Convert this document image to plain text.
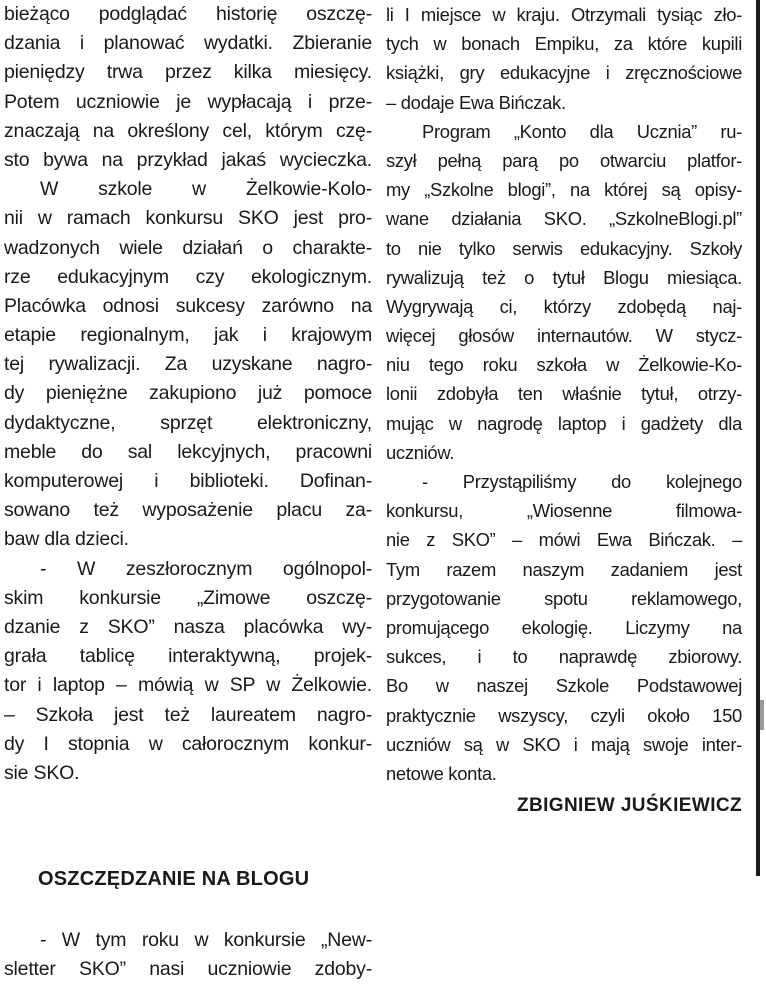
bieżąco podglądać historię oszczę-
dzania i planować wydatki. Zbieranie
pieniędzy trwa przez kilka miesięcy.
Potem uczniowie je wypłacają i prze-
znaczają na określony cel, którym czę-
sto bywa na przykład jakaś wycieczka.
W szkole w Żelkowie-Kolo-
nii w ramach konkursu SKO jest pro-
wadzonych wiele działań o charakte-
rze edukacyjnym czy ekologicznym.
Placówka odnosi sukcesy zarówno na
etapie regionalnym, jak i krajowym
tej rywalizacji. Za uzyskane nagro-
dy pieniężne zakupiono już pomoce
dydaktyczne, sprzęt elektroniczny,
meble do sal lekcyjnych, pracowni
komputerowej i biblioteki. Dofinan-
sowano też wyposażenie placu za-
baw dla dzieci.
- W zeszłorocznym ogólnopol-
skim konkursie „Zimowe oszczę-
dzanie z SKO” nasza placówka wy-
grała tablicę interaktywną, projek-
tor i laptop – mówią w SP w Żelkowie.
– Szkoła jest też laureatem nagro-
dy I stopnia w całorocznym konkur-
sie SKO.
OSZCZĘDZANIE NA BLOGU
- W tym roku w konkursie „New-
sletter SKO” nasi uczniowie zdoby-
li I miejsce w kraju. Otrzymali tysiąc zło-
tych w bonach Empiku, za które kupili
książki, gry edukacyjne i zręcznościowe
– dodaje Ewa Bińczak.
Program „Konto dla Ucznia” ru-
szył pełną parą po otwarciu platfor-
my „Szkolne blogi”, na której są opisy-
wane działania SKO. „SzkolneBlogi.pl”
to nie tylko serwis edukacyjny. Szkoły
rywalizują też o tytuł Blogu miesiąca.
Wygrywają ci, którzy zdobędą naj-
więcej głosów internautów. W stycz-
niu tego roku szkoła w Żelkowie-Ko-
lonii zdobyła ten właśnie tytuł, otrzy-
mując w nagrodę laptop i gadżety dla
uczniów.
- Przystąpiliśmy do kolejnego
konkursu, „Wiosenne filmowa-
nie z SKO” – mówi Ewa Bińczak. –
Tym razem naszym zadaniem jest
przygotowanie spotu reklamowego,
promującego ekologię. Liczymy na
sukces, i to naprawdę zbiorowy.
Bo w naszej Szkole Podstawowej
praktycznie wszyscy, czyli około 150
uczniów są w SKO i mają swoje inter-
netowe konta.
ZBIGNIEW JUŚKIEWICZ
